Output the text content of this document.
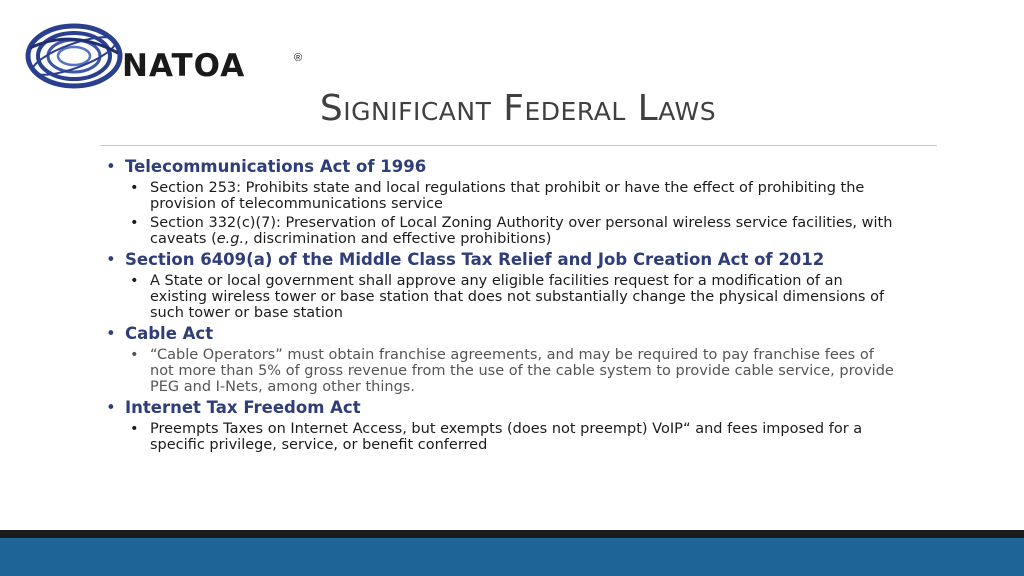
NATOA	®
Significant Federal Laws
• Telecommunications Act of 1996
• Section 253: Prohibits state and local regulations that prohibit or have the effect of prohibiting the provision of telecommunications service
• Section 332(c)(7): Preservation of Local Zoning Authority over personal wireless service facilities, with caveats (e.g., discrimination and effective prohibitions)
• Section 6409(a) of the Middle Class Tax Relief and Job Creation Act of 2012
• A State or local government shall approve any eligible facilities request for a modification of an existing wireless tower or base station that does not substantially change the physical dimensions of such tower or base station
• Cable Act
• “Cable Operators” must obtain franchise agreements, and may be required to pay franchise fees of not more than 5% of gross revenue from the use of the cable system to provide cable service, provide PEG and I-Nets, among other things.
• Internet Tax Freedom Act
• Preempts Taxes on Internet Access, but exempts (does not preempt) VoIP“ and fees imposed for a specific privilege, service, or benefit conferred
